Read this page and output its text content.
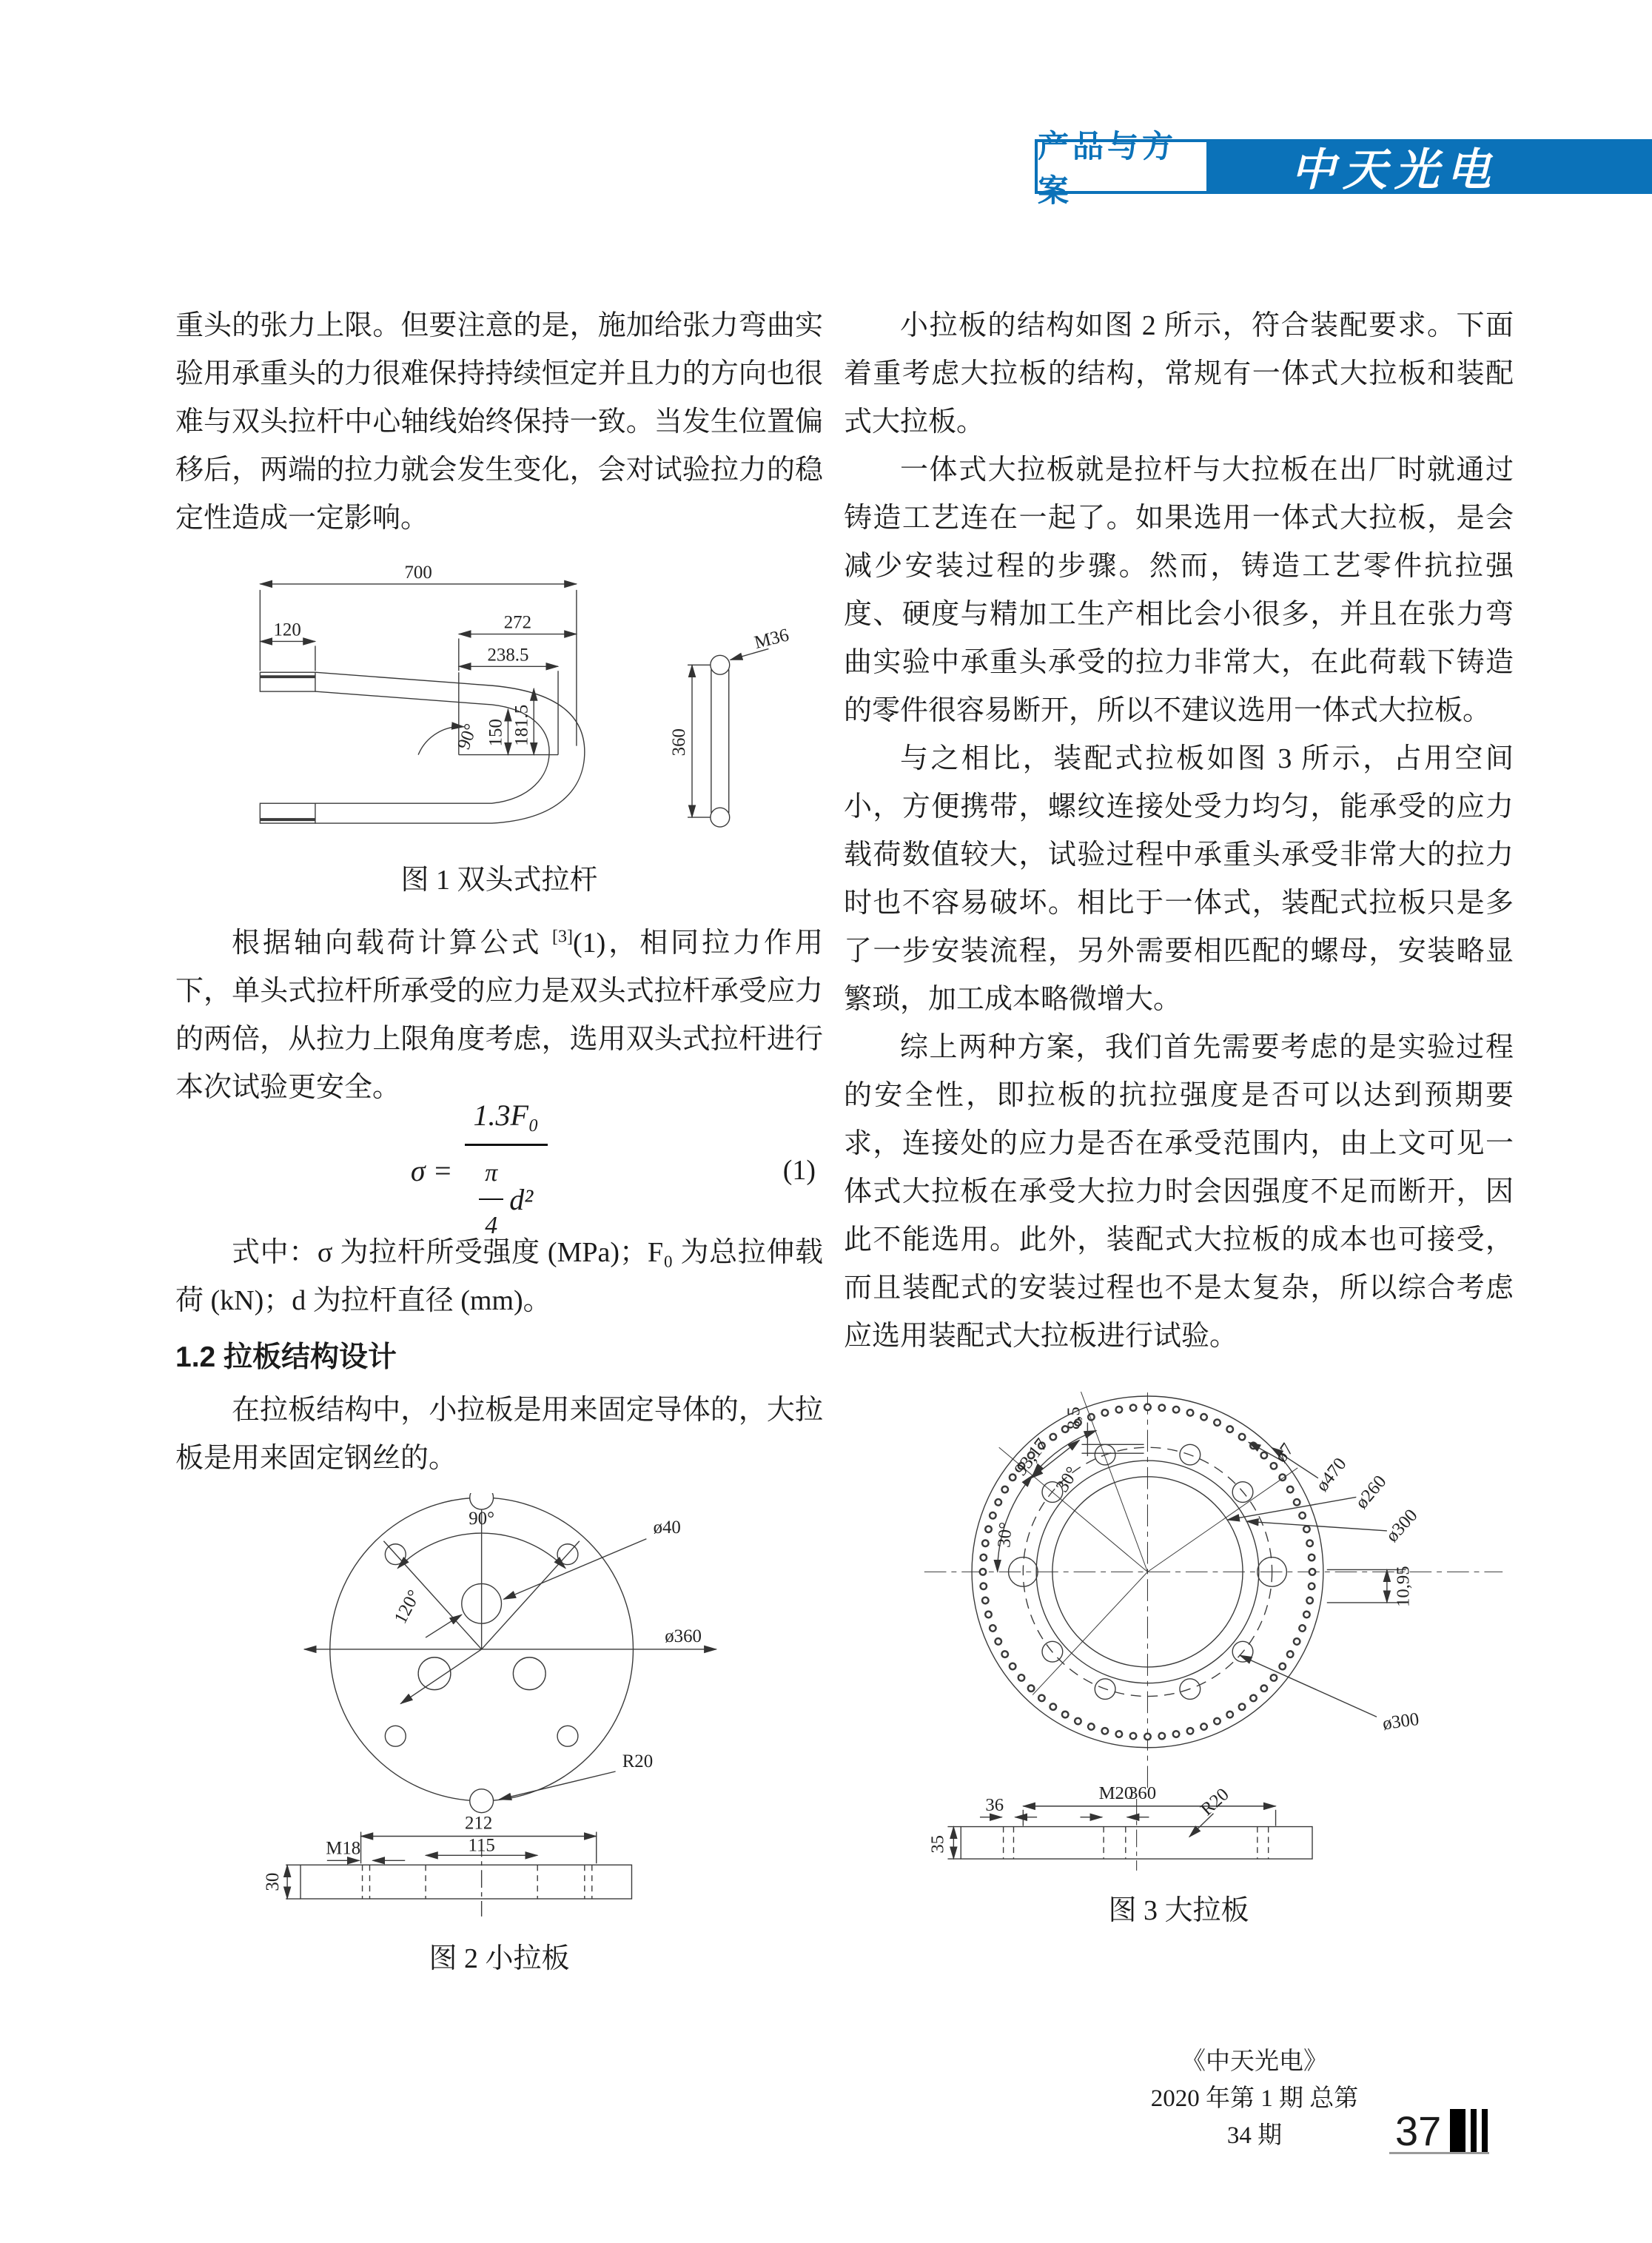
产品与方案	中天光电

重头的张力上限。但要注意的是，施加给张力弯曲实验用承重头的力很难保持持续恒定并且力的方向也很难与双头拉杆中心轴线始终保持一致。当发生位置偏移后，两端的拉力就会发生变化，会对试验拉力的稳定性造成一定影响。

700
120	272
238.5
150 181.5
90°	360
M36
图 1 双头式拉杆

根据轴向载荷计算公式 [3](1)，相同拉力作用下，单头式拉杆所承受的应力是双头式拉杆承受应力的两倍，从拉力上限角度考虑，选用双头式拉杆进行本次试验更安全。

$\sigma = \frac{\text{1.3F₀}}{\frac{\pi}{4} d^2}$	(1)

式中：σ 为拉杆所受强度 (MPa)；F₀ 为总拉伸载荷 (kN)；d 为拉杆直径 (mm)。

1.2 拉板结构设计

在拉板结构中，小拉板是用来固定导体的，大拉板是用来固定钢丝的。

90°
120°
ø40
ø360
R20
212
115
M18
30
图 2 小拉板

小拉板的结构如图 2 所示，符合装配要求。下面着重考虑大拉板的结构，常规有一体式大拉板和装配式大拉板。

一体式大拉板就是拉杆与大拉板在出厂时就通过铸造工艺连在一起了。如果选用一体式大拉板，是会减少安装过程的步骤。然而，铸造工艺零件抗拉强度、硬度与精加工生产相比会小很多，并且在张力弯曲实验中承重头承受的拉力非常大，在此荷载下铸造的零件很容易断开，所以不建议选用一体式大拉板。

与之相比，装配式拉板如图 3 所示，占用空间小，方便携带，螺纹连接处受力均匀，能承受的应力载荷数值较大，试验过程中承重头承受非常大的拉力时也不容易破坏。相比于一体式，装配式拉板只是多了一步安装流程，另外需要相匹配的螺母，安装略显繁琐，加工成本略微增大。

综上两种方案，我们首先需要考虑的是实验过程的安全性，即拉板的抗拉强度是否可以达到预期要求，连接处的应力是否在承受范围内，由上文可见一体式大拉板在承受大拉力时会因强度不足而断开，因此不能选用。此外，装配式大拉板的成本也可接受，而且装配式的安装过程也不是太复杂，所以综合考虑应选用装配式大拉板进行试验。

8,5
93,17
30°
30°
ø7
ø470 ø260
ø300
10,95
ø300
360
36
M20	R20
35
图 3 大拉板
《中天光电》
2020 年第 1 期 总第 34 期	37
